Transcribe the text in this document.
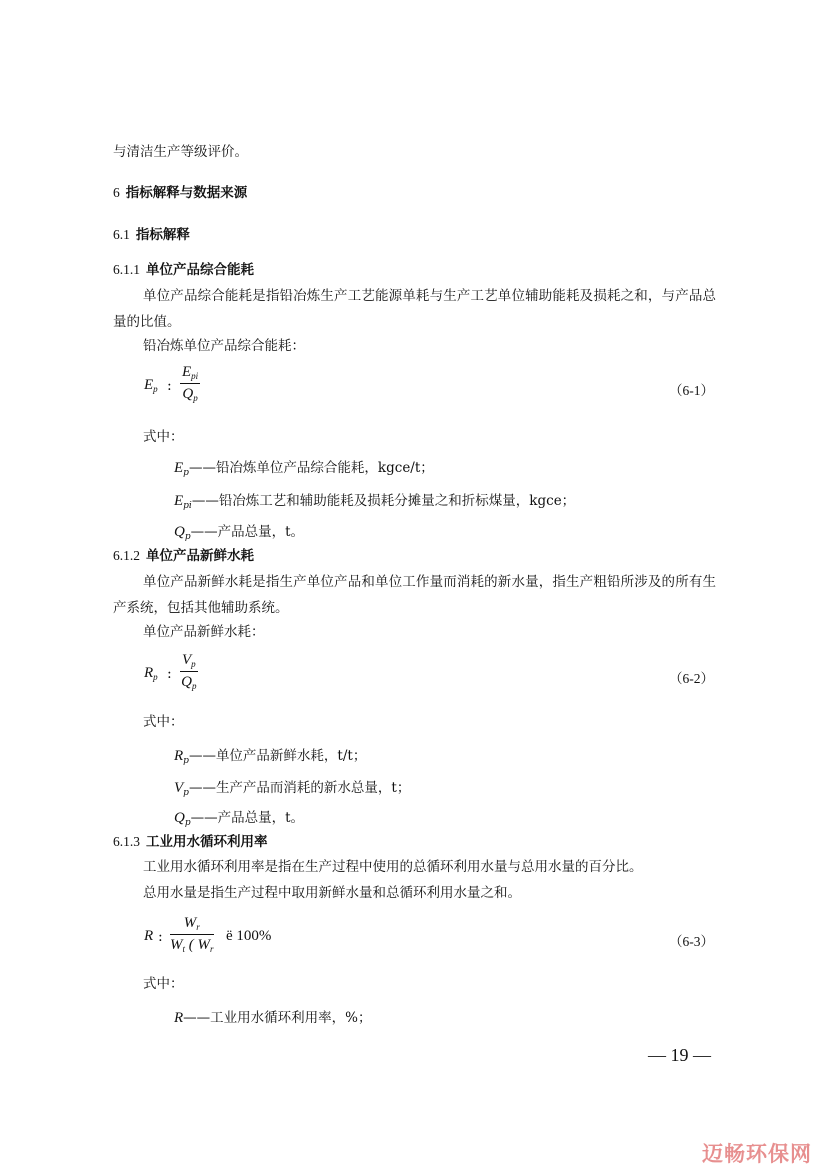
与清洁生产等级评价。
6 指标解释与数据来源
6.1 指标解释
6.1.1 单位产品综合能耗
单位产品综合能耗是指铅冶炼生产工艺能源单耗与生产工艺单位辅助能耗及损耗之和，与产品总量的比值。
铅冶炼单位产品综合能耗：
$E_p$ :
$E_{pi}$
$Q_p$	（6-1）
式中：
$E_p——$铅冶炼单位产品综合能耗，kgce/t；
$E_{pi}——$铅冶炼工艺和辅助能耗及损耗分摊量之和折标煤量，kgce；
$Q_p——$产品总量，t。
6.1.2 单位产品新鲜水耗
单位产品新鲜水耗是指生产单位产品和单位工作量而消耗的新水量，指生产粗铅所涉及的所有生产系统，包括其他辅助系统。
单位产品新鲜水耗：
$R_p$ :
$V_p$
$Q_p$	（6-2）
式中：
$R_p——$单位产品新鲜水耗，t/t；
$V_p——$生产产品而消耗的新水总量，t；
$Q_p——$产品总量，t。
6.1.3 工业用水循环利用率
工业用水循环利用率是指在生产过程中使用的总循环利用水量与总用水量的百分比。
总用水量是指生产过程中取用新鲜水量和总循环利用水量之和。
R :
$W_r$
$W_t$ ( $W_r$
ë 100%	（6-3）
式中：
R——工业用水循环利用率，%；
— 19 —
迈畅环保网
